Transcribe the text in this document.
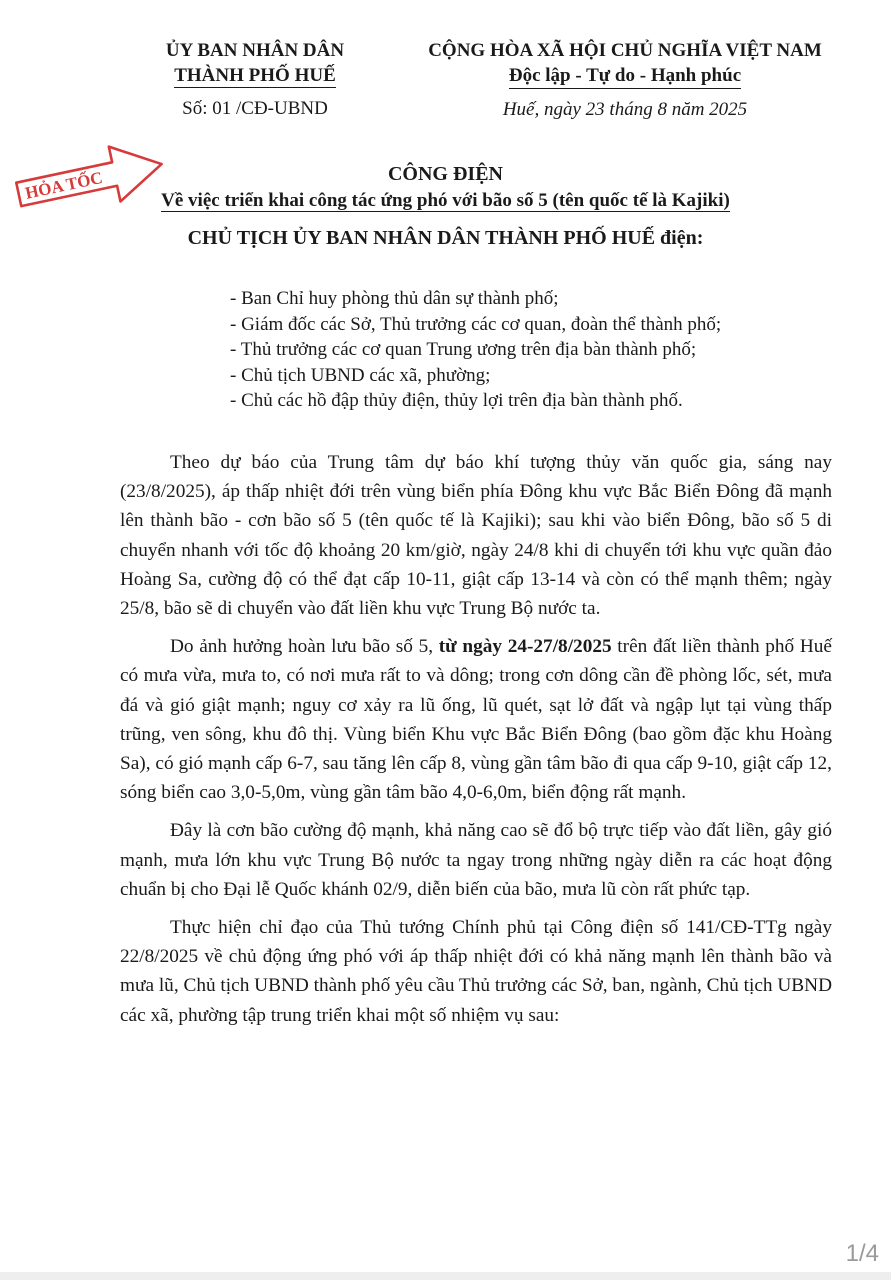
ỦY BAN NHÂN DÂN
THÀNH PHỐ HUẾ
Số: 01 /CĐ-UBND
CỘNG HÒA XÃ HỘI CHỦ NGHĨA VIỆT NAM
Độc lập - Tự do - Hạnh phúc
Huế, ngày 23 tháng 8 năm 2025
HỎA TỐC	CÔNG ĐIỆN
Về việc triển khai công tác ứng phó với bão số 5 (tên quốc tế là Kajiki)
CHỦ TỊCH ỦY BAN NHÂN DÂN THÀNH PHỐ HUẾ điện:
- Ban Chỉ huy phòng thủ dân sự thành phố;
- Giám đốc các Sở, Thủ trưởng các cơ quan, đoàn thể thành phố;
- Thủ trưởng các cơ quan Trung ương trên địa bàn thành phố;
- Chủ tịch UBND các xã, phường;
- Chủ các hồ đập thủy điện, thủy lợi trên địa bàn thành phố.

Theo dự báo của Trung tâm dự báo khí tượng thủy văn quốc gia, sáng nay (23/8/2025), áp thấp nhiệt đới trên vùng biển phía Đông khu vực Bắc Biển Đông đã mạnh lên thành bão - cơn bão số 5 (tên quốc tế là Kajiki); sau khi vào biển Đông, bão số 5 di chuyển nhanh với tốc độ khoảng 20 km/giờ, ngày 24/8 khi di chuyển tới khu vực quần đảo Hoàng Sa, cường độ có thể đạt cấp 10-11, giật cấp 13-14 và còn có thể mạnh thêm; ngày 25/8, bão sẽ di chuyển vào đất liền khu vực Trung Bộ nước ta.

Do ảnh hưởng hoàn lưu bão số 5, từ ngày 24-27/8/2025 trên đất liền thành phố Huế có mưa vừa, mưa to, có nơi mưa rất to và dông; trong cơn dông cần đề phòng lốc, sét, mưa đá và gió giật mạnh; nguy cơ xảy ra lũ ống, lũ quét, sạt lở đất và ngập lụt tại vùng thấp trũng, ven sông, khu đô thị. Vùng biển Khu vực Bắc Biển Đông (bao gồm đặc khu Hoàng Sa), có gió mạnh cấp 6-7, sau tăng lên cấp 8, vùng gần tâm bão đi qua cấp 9-10, giật cấp 12, sóng biển cao 3,0-5,0m, vùng gần tâm bão 4,0-6,0m, biển động rất mạnh.

Đây là cơn bão cường độ mạnh, khả năng cao sẽ đổ bộ trực tiếp vào đất liền, gây gió mạnh, mưa lớn khu vực Trung Bộ nước ta ngay trong những ngày diễn ra các hoạt động chuẩn bị cho Đại lễ Quốc khánh 02/9, diễn biến của bão, mưa lũ còn rất phức tạp.

Thực hiện chỉ đạo của Thủ tướng Chính phủ tại Công điện số 141/CĐ-TTg ngày 22/8/2025 về chủ động ứng phó với áp thấp nhiệt đới có khả năng mạnh lên thành bão và mưa lũ, Chủ tịch UBND thành phố yêu cầu Thủ trưởng các Sở, ban, ngành, Chủ tịch UBND các xã, phường tập trung triển khai một số nhiệm vụ sau:

1/4
